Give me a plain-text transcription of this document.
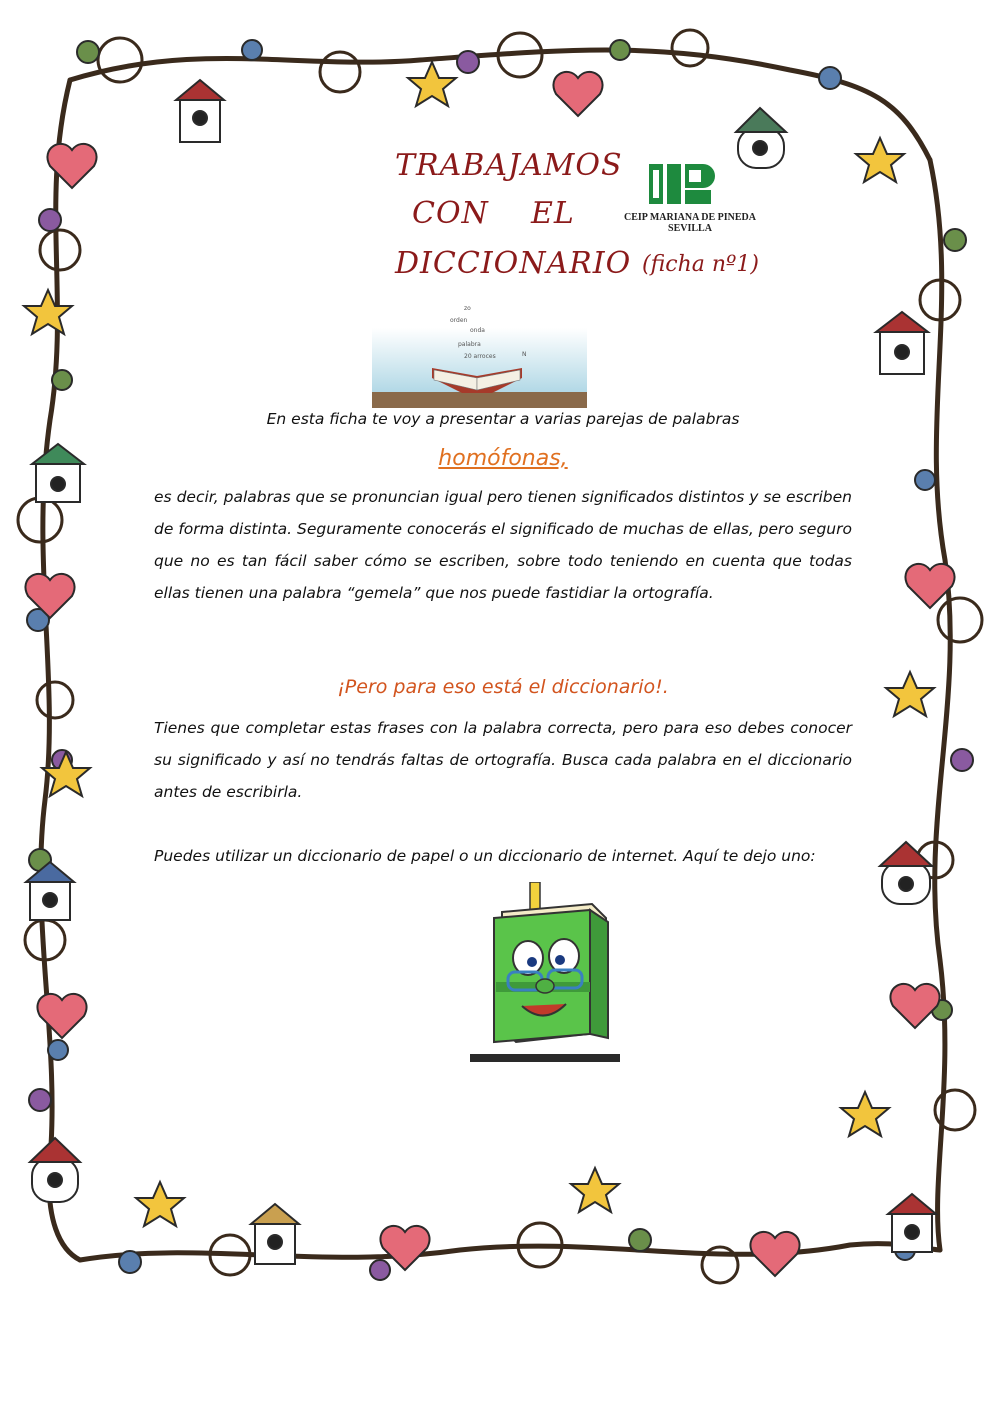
TRABAJAMOS
CON    EL
DICCIONARIO (ficha nº1)
CEIP MARIANA DE PINEDA
SEVILLA
zo
orden
onda
palabra
20 arroces	N
En esta ficha te voy a presentar a varias parejas de palabras
homófonas,
es decir, palabras que se pronuncian igual pero tienen significados distintos y se escriben de forma distinta. Seguramente conocerás el significado de muchas de ellas, pero seguro que no es tan fácil saber cómo se escriben, sobre todo teniendo en cuenta que todas ellas tienen una palabra “gemela” que nos puede fastidiar la ortografía.
¡Pero para eso está el diccionario!.
Tienes que completar estas frases con la palabra correcta, pero para eso debes conocer su significado y así no tendrás faltas de ortografía. Busca cada palabra en el diccionario antes de escribirla.
Puedes utilizar un diccionario de papel o un diccionario de internet. Aquí te dejo uno:
